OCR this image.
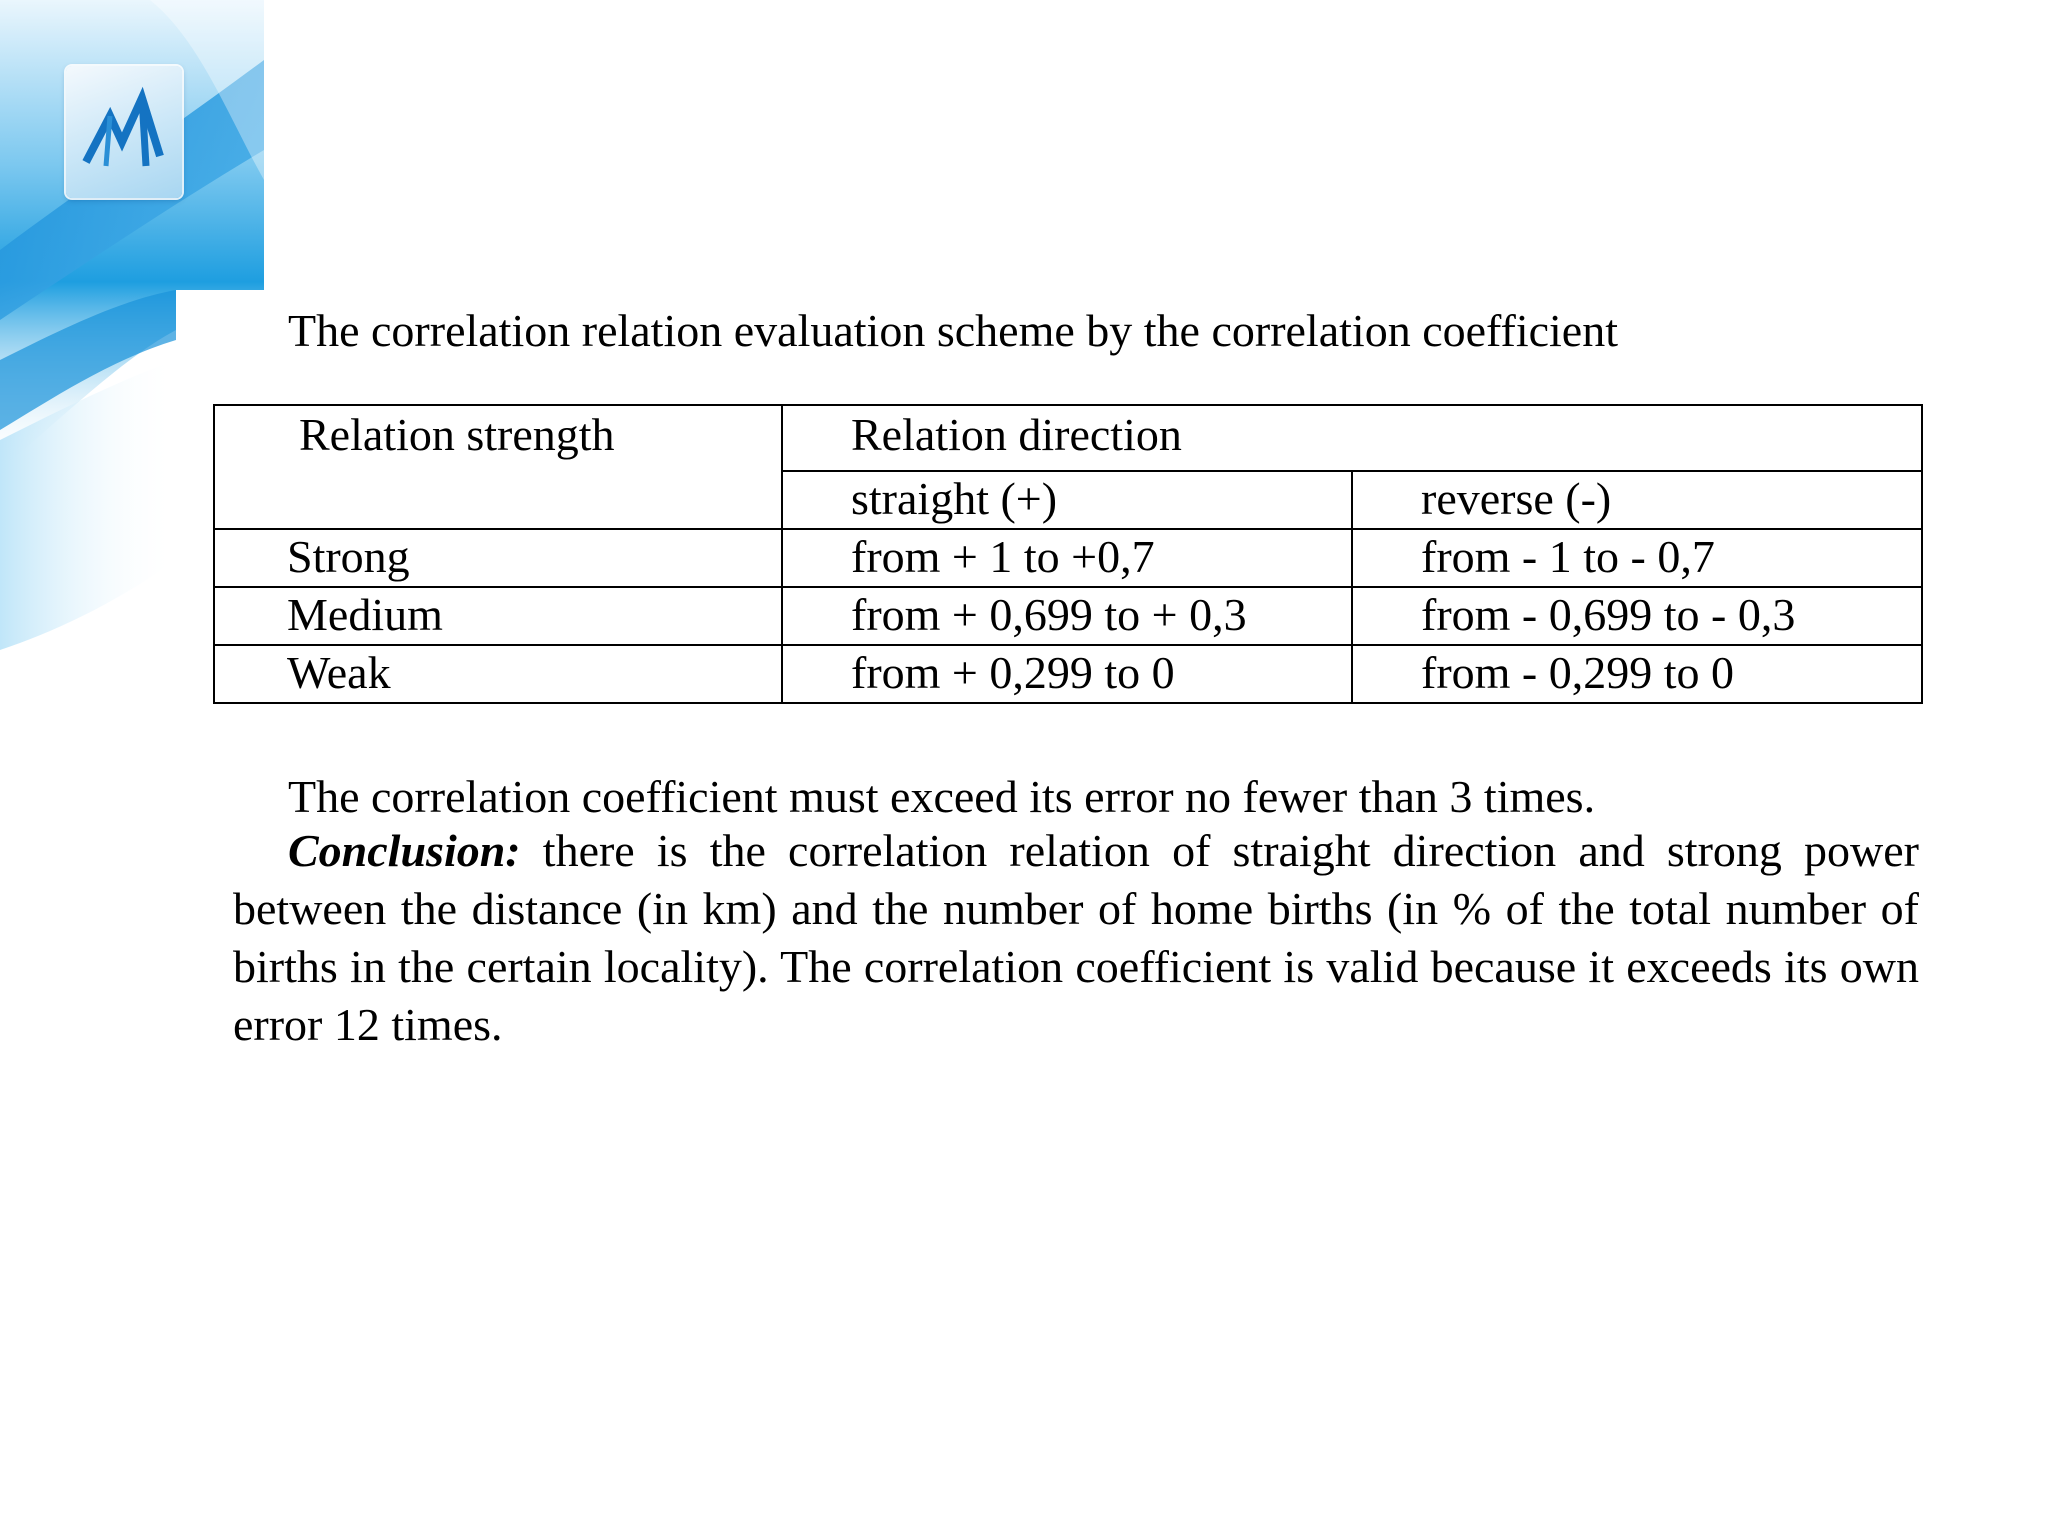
The correlation relation evaluation scheme by the correlation coefficient
Relation strength	Relation direction	
	straight (+)	reverse (-)
Strong	from + 1 to +0,7	from - 1 to - 0,7
Medium	from + 0,699 to + 0,3	from - 0,699 to - 0,3
Weak	from + 0,299 to 0	from - 0,299 to 0
The correlation coefficient must exceed its error no fewer than 3 times.
Conclusion: there is the correlation relation of straight direction and strong power between the distance (in km) and the number of home births (in % of the total number of births in the certain locality). The correlation coefficient is valid because it exceeds its own error 12 times.
